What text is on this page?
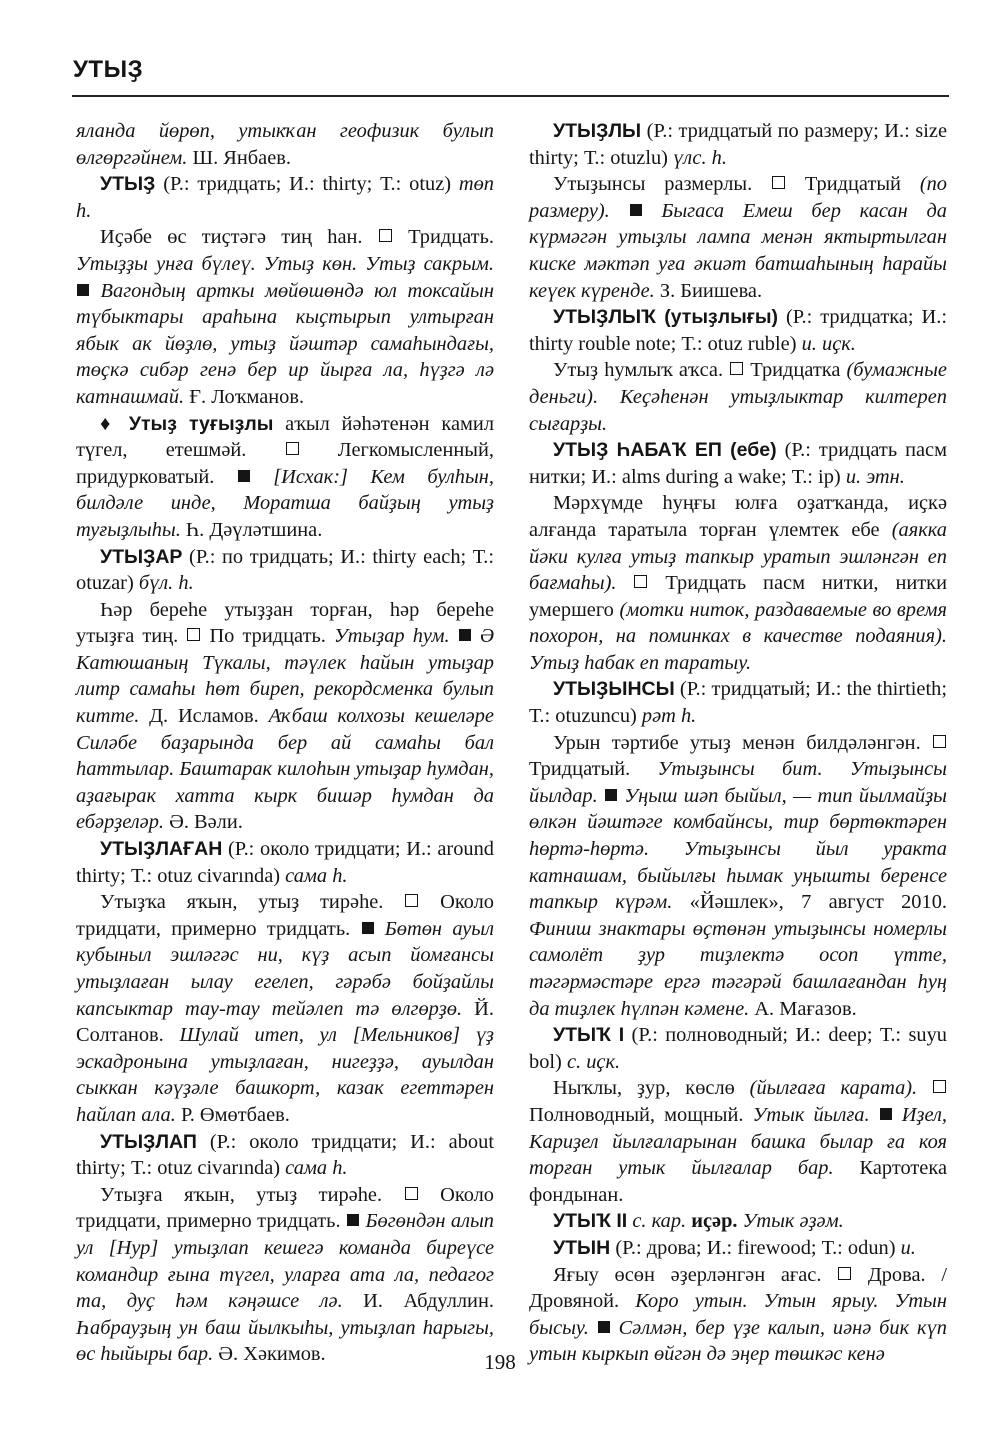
УТЫҘ

яланда йөрөп, утыкҡан геофизик булып өлгөргәйнем. Ш. Янбаев.

УТЫҘ (Р.: тридцать; И.: thirty; Т.: otuz) төп h.

Иҫәбе өс тиҫтәгә тиң һан.  Тридцать. Утыҙҙы унға бүлеү. Утыҙ көн. Утыҙ сакрым.  Вагондың арткы мөйөшөндә юл токсайын түбыктары араһына кыҫтырып ултырған ябык ак йөҙлө, утыҙ йәштәр самаһындағы, төҫкә сибәр генә бер ир йырға ла, һүҙгә лә катнашмай. Ғ. Лоҡманов.

♦ Утыҙ туғыҙлы аҡыл йәһәтенән камил түгел, етешмәй.  Легкомысленный, придурковатый.  [Исхак:] Кем булһын, билдәле инде, Моратша байҙың утыҙ туғыҙлыһы. Һ. Дәүләтшина.

УТЫҘАР (Р.: по тридцать; И.: thirty each; Т.: otuzar) бүл. h.

Һәр береһе утыҙҙан торған, һәр берeһе утыҙға тиң.  По тридцать. Утыҙар һум. Ә Катюшаның Түкалы, тәүлек һайын утыҙар литр самаһы һөт бирeп, рекордсменка булып китте. Д. Исламов. Аҡбаш колхозы кешеләре Силәбе баҙарында бер ай самаһы бал һаттылар. Баштарак килоһын утыҙар һумдан, аҙағырак хатта кырк бишәр һумдан да ебәрҙеләр. Ә. Вәли.

УТЫҘЛАҒАН (Р.: около тридцати; И.: around thirty; Т.: otuz civarında) сама h.

Утыҙҡа яҡын, утыҙ тирәһе.  Около тридцати, примерно тридцать.  Бөтөн ауыл кубыныл эшләгәс ни, күҙ асып йомғансы утыҙлаған ылау егелеп, гәрәбә бойҙайлы капсыктар тау-тау тейәлеп тә өлгөрҙө. Й. Солтанов. Шулай итеп, ул [Мельников] үҙ эскадронына утыҙлаған, нигеҙҙә, ауылдан сыккан кәүҙәле башкорт, казак егеттәрен һайлап ала. Р. Өмөтбаев.

УТЫҘЛАП (Р.: около тридцати; И.: about thirty; Т.: otuz civarında) сама h.

Утыҙға яҡын, утыҙ тирәһе.  Около тридцати, примерно тридцать.  Бөгөндән алып ул [Нур] утыҙлап кешегә команда биреүсе командир ғына түгел, уларға ата ла, педагог та, дуҫ һәм кәңәшсе лә. И. Абдуллин. Һабрауҙың ун баш йылкыһы, утыҙлап һарыгы, өс һыйыры бар. Ә. Хәкимов.

УТЫҘЛЫ (Р.: тридцатый по размеру; И.: size thirty; Т.: otuzlu) үлс. h.

Утыҙынсы размерлы.  Тридцатый (по размеру).	Быгаса Емеш бер касан да күрмәгән утыҙлы лампа менән яктыртылган киске мәктәп уға әкиәт батшаһының һарайы кеүек күренде. З. Биишева.

УТЫҘЛЫҠ (утыҙлығы) (Р.: тридцатка; И.: thirty rouble note; Т.: otuz ruble) и. иҫк.

Утыҙ һумлыҡ аҡса.  Тридцатка (бумажные деньги). Кеҫәһенән утыҙлыктар килтереп сығарҙы.

УТЫҘ ҺАБАҠ ЕП (ебе) (Р.: тридцать пасм нитки; И.: alms during a wake; Т.: ip) и. этн.

Мәрхүмде һуңғы юлға оҙатҡанда, иҫкә алғанда таратыла торған үлемтек ебе (аякка йәки кулға утыҙ тапкыр уратып эшләнгән еп бағмаһы).  Тридцать пасм нитки, нитки умершего (мотки ниток, раздаваемые во время похорон, на поминках в качестве подаяния). Утыҙ һабак еп таратыу.

УТЫҘЫНСЫ (Р.: тридцатый; И.: the thirtieth; Т.: otuzuncu) рәт h.

Урын тәртибе утыҙ менән билдәләнгән.  Тридцатый. Утыҙынсы бит. Утыҙынсы йылдар. Уңыш шәп быйыл, — тип йылмайҙы өлкән йәштәге комбайнсы, тир бөртөктәрен һөртә-һөртә. Утыҙынсы йыл уракта катнашам, быйылғы һымак уңышты беренсе тапкыр күрәм. «Йәшлек», 7 август 2010. Финиш знактары өҫтөнән утыҙынсы номерлы самолёт ҙур тиҙлектә осоп үтте, тәгәрмәстәре ергә тәгәрәй башлағандан һуң да тиҙлек һүлпән кәмене. А. Мағазов.

УТЫҠ I (Р.: полноводный; И.: deep; Т.: suyu bol) с. иҫк.

Ныҡлы, ҙур, көслө (йылғаға карата).  Полноводный, мощный. Утык йылға. Иҙел, Кариҙел йылғаларынан башка былар ға коя торған утык йылғалар бар. Картотека фондынан.

УТЫҠ II с. кар. иҫәр. Утык әҙәм.

УТЫН (Р.: дрова; И.: firewood; Т.: odun) и.

Яғыу өсөн әҙерләнгән ағас.  Дрова. / Дровяной. Коро утын. Утын ярыу. Утын бысыу. Сәлмән, бер үҙе калып, иәнә бик күп утын кыркып өйгән дә эңер төшкәс кенә

198
